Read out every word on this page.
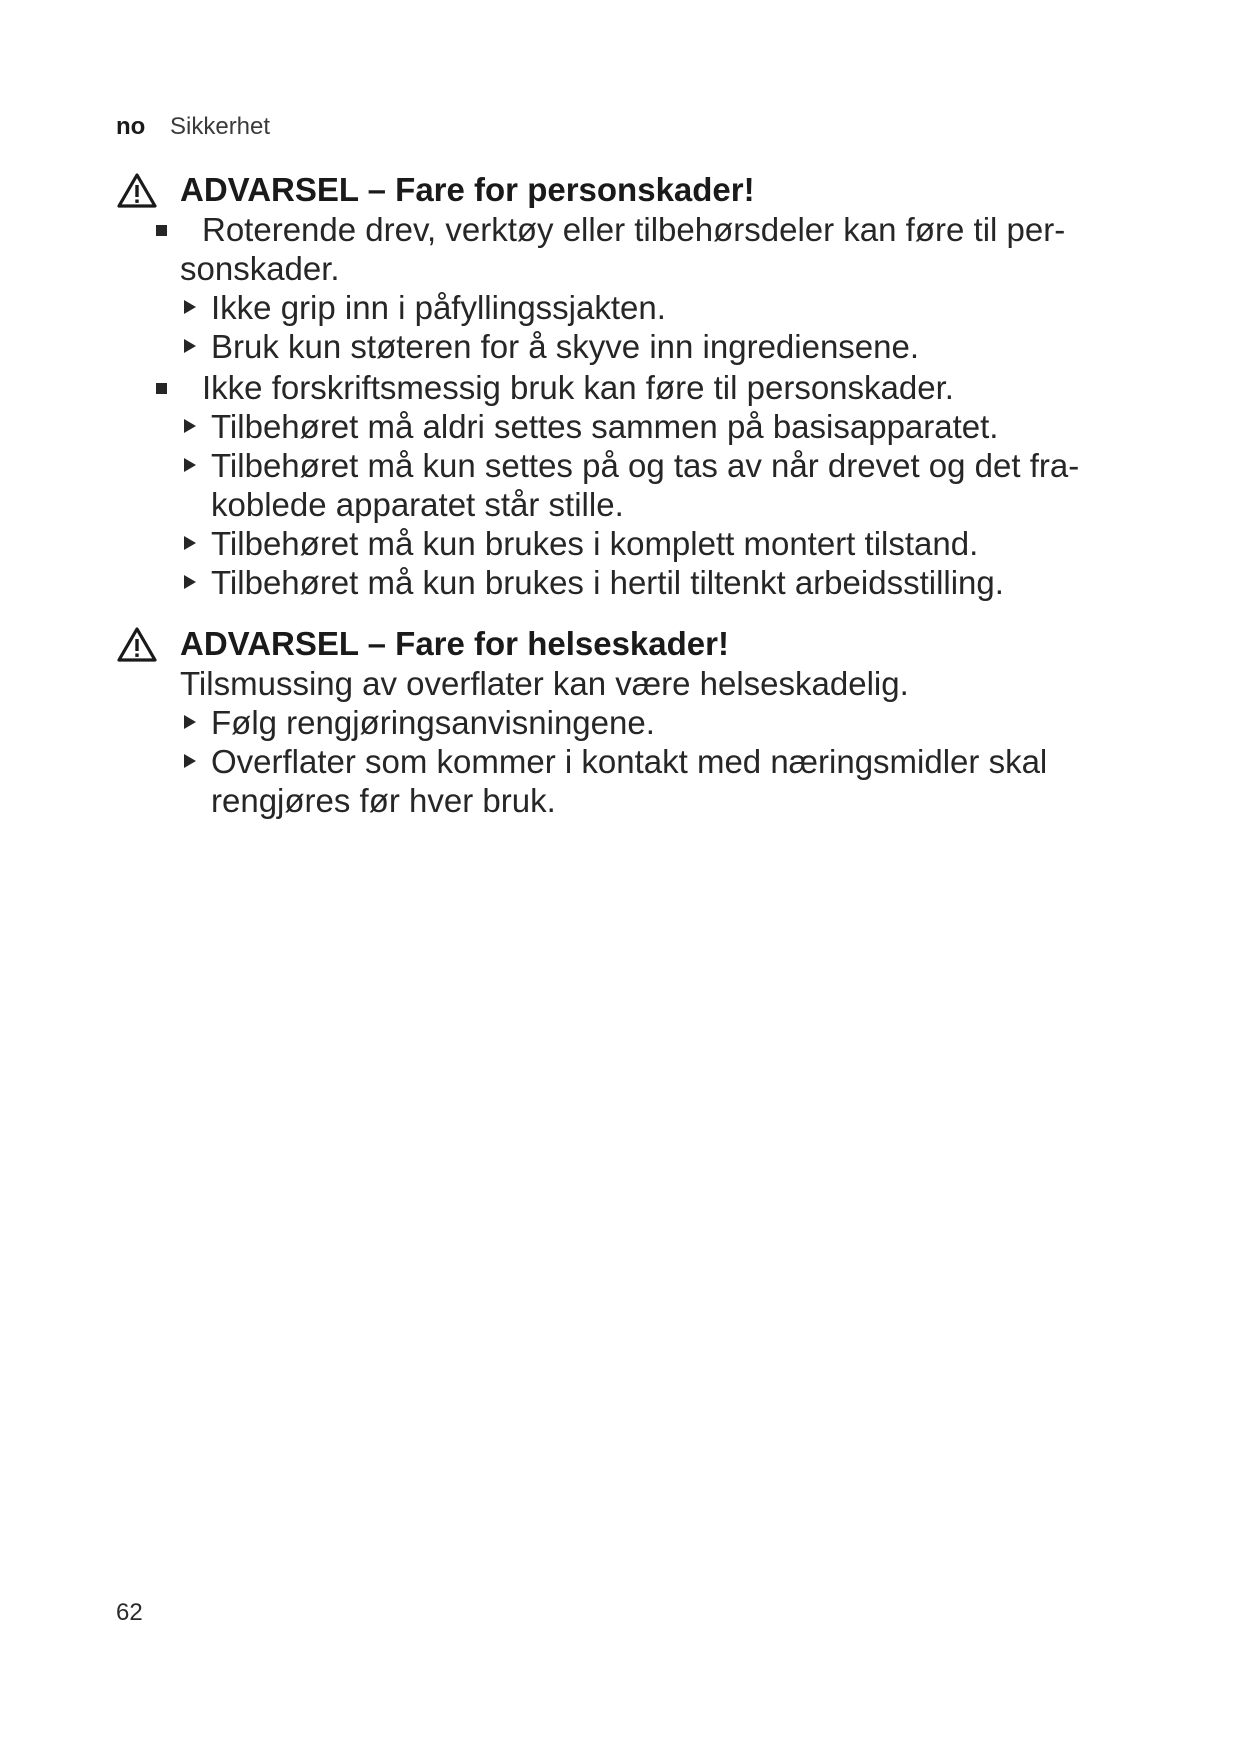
no Sikkerhet
ADVARSEL – Fare for personskader!
Roterende drev, verktøy eller tilbehørsdeler kan føre til per-sonskader.
Ikke grip inn i påfyllingssjakten.
Bruk kun støteren for å skyve inn ingrediensene.
Ikke forskriftsmessig bruk kan føre til personskader.
Tilbehøret må aldri settes sammen på basisapparatet.
Tilbehøret må kun settes på og tas av når drevet og det fra-koblede apparatet står stille.
Tilbehøret må kun brukes i komplett montert tilstand.
Tilbehøret må kun brukes i hertil tiltenkt arbeidsstilling.
ADVARSEL – Fare for helseskader!
Tilsmussing av overflater kan være helseskadelig.
Følg rengjøringsanvisningene.
Overflater som kommer i kontakt med næringsmidler skal rengjøres før hver bruk.
62
